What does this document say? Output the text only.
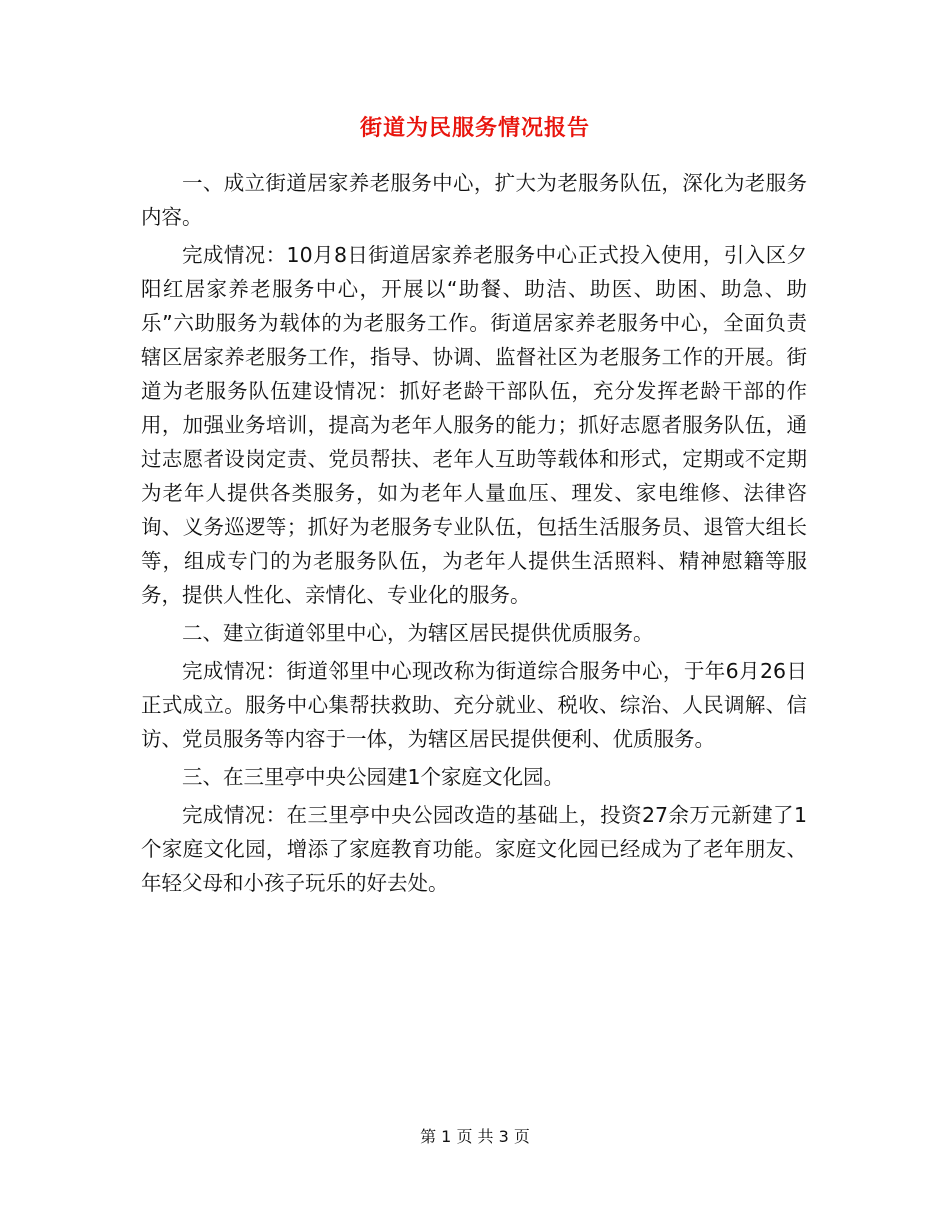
街道为民服务情况报告

一、成立街道居家养老服务中心，扩大为老服务队伍，深化为老服务内容。

完成情况：10月8日街道居家养老服务中心正式投入使用，引入区夕阳红居家养老服务中心，开展以“助餐、助洁、助医、助困、助急、助乐”六助服务为载体的为老服务工作。街道居家养老服务中心，全面负责辖区居家养老服务工作，指导、协调、监督社区为老服务工作的开展。街道为老服务队伍建设情况：抓好老龄干部队伍，充分发挥老龄干部的作用，加强业务培训，提高为老年人服务的能力；抓好志愿者服务队伍，通过志愿者设岗定责、党员帮扶、老年人互助等载体和形式，定期或不定期为老年人提供各类服务，如为老年人量血压、理发、家电维修、法律咨询、义务巡逻等；抓好为老服务专业队伍，包括生活服务员、退管大组长等，组成专门的为老服务队伍，为老年人提供生活照料、精神慰籍等服务，提供人性化、亲情化、专业化的服务。

二、建立街道邻里中心，为辖区居民提供优质服务。

完成情况：街道邻里中心现改称为街道综合服务中心，于年6月26日正式成立。服务中心集帮扶救助、充分就业、税收、综治、人民调解、信访、党员服务等内容于一体，为辖区居民提供便利、优质服务。

三、在三里亭中央公园建1个家庭文化园。

完成情况：在三里亭中央公园改造的基础上，投资27余万元新建了1个家庭文化园，增添了家庭教育功能。家庭文化园已经成为了老年朋友、年轻父母和小孩子玩乐的好去处。

第 1 页 共 3 页
